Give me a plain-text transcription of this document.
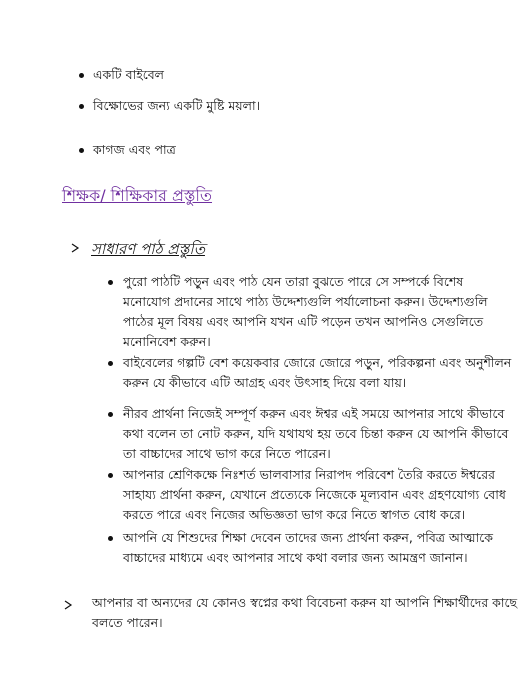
একটি বাইবেল
বিক্ষোভের জন্য একটি মুষ্টি ময়লা।
কাগজ এবং পাত্র
শিক্ষক/ শিক্ষিকার প্রস্তুতি
সাধারণ পাঠ প্রস্তুতি
পুরো পাঠটি পড়ুন এবং পাঠ যেন তারা বুঝতে পারে সে সম্পর্কে বিশেষ
মনোযোগ প্রদানের সাথে পাঠ্য উদ্দেশ্যগুলি পর্যালোচনা করুন। উদ্দেশ্যগুলি
পাঠের মূল বিষয় এবং আপনি যখন এটি পড়েন তখন আপনিও সেগুলিতে
মনোনিবেশ করুন।
বাইবেলের গল্পটি বেশ কয়েকবার জোরে জোরে পড়ুন, পরিকল্পনা এবং অনুশীলন
করুন যে কীভাবে এটি আগ্রহ এবং উৎসাহ দিয়ে বলা যায়।
নীরব প্রার্থনা নিজেই সম্পূর্ণ করুন এবং ঈশ্বর এই সময়ে আপনার সাথে কীভাবে
কথা বলেন তা নোট করুন, যদি যথাযথ হয় তবে চিন্তা করুন যে আপনি কীভাবে
তা বাচ্চাদের সাথে ভাগ করে নিতে পারেন।
আপনার শ্রেণিকক্ষে নিঃশর্ত ভালবাসার নিরাপদ পরিবেশ তৈরি করতে ঈশ্বরের
সাহায্য প্রার্থনা করুন, যেখানে প্রত্যেকে নিজেকে মূল্যবান এবং গ্রহণযোগ্য বোধ
করতে পারে এবং নিজের অভিজ্ঞতা ভাগ করে নিতে স্বাগত বোধ করে।
আপনি যে শিশুদের শিক্ষা দেবেন তাদের জন্য প্রার্থনা করুন, পবিত্র আত্মাকে
বাচ্চাদের মাধ্যমে এবং আপনার সাথে কথা বলার জন্য আমন্ত্রণ জানান।
আপনার বা অন্যদের যে কোনও স্বপ্নের কথা বিবেচনা করুন যা আপনি শিক্ষার্থীদের কাছে
বলতে পারেন।
